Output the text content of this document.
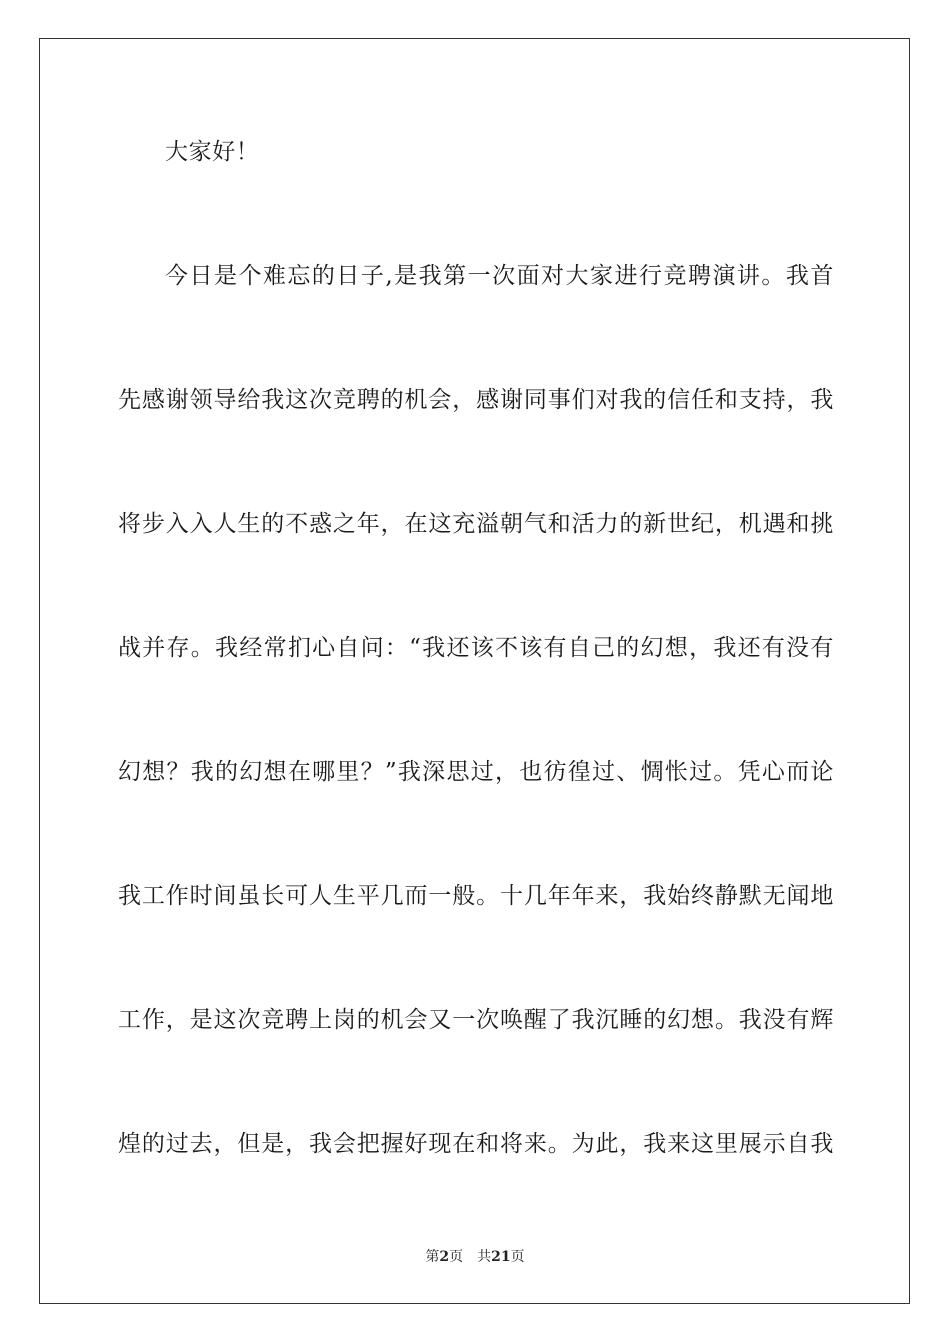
大家好！
今日是个难忘的日子,是我第一次面对大家进行竞聘演讲。我首
先感谢领导给我这次竞聘的机会，感谢同事们对我的信任和支持，我
将步入入人生的不惑之年，在这充溢朝气和活力的新世纪，机遇和挑
战并存。我经常扪心自问：“我还该不该有自己的幻想，我还有没有
幻想？我的幻想在哪里？”我深思过，也彷徨过、惆怅过。凭心而论
我工作时间虽长可人生平几而一般。十几年年来，我始终静默无闻地
工作，是这次竞聘上岗的机会又一次唤醒了我沉睡的幻想。我没有辉
煌的过去，但是，我会把握好现在和将来。为此，我来这里展示自我
第2页 共21页
